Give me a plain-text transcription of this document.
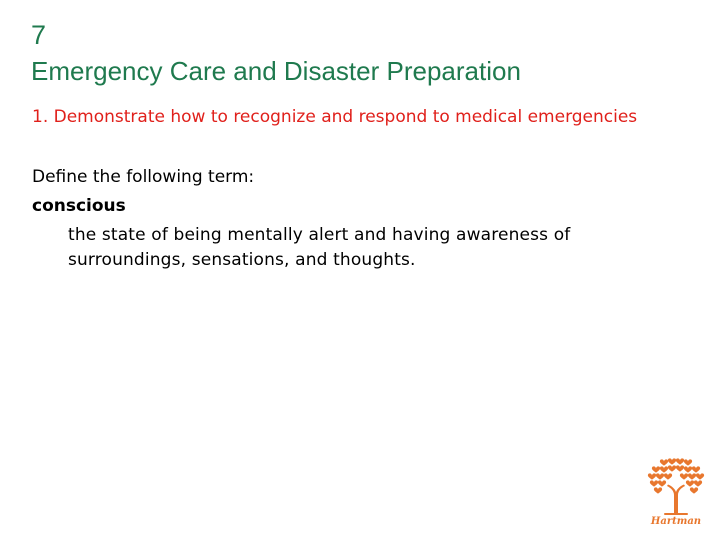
7
Emergency Care and Disaster Preparation
1. Demonstrate how to recognize and respond to medical emergencies
Define the following term:
conscious
the state of being mentally alert and having awareness of surroundings, sensations, and thoughts.
Hartman
